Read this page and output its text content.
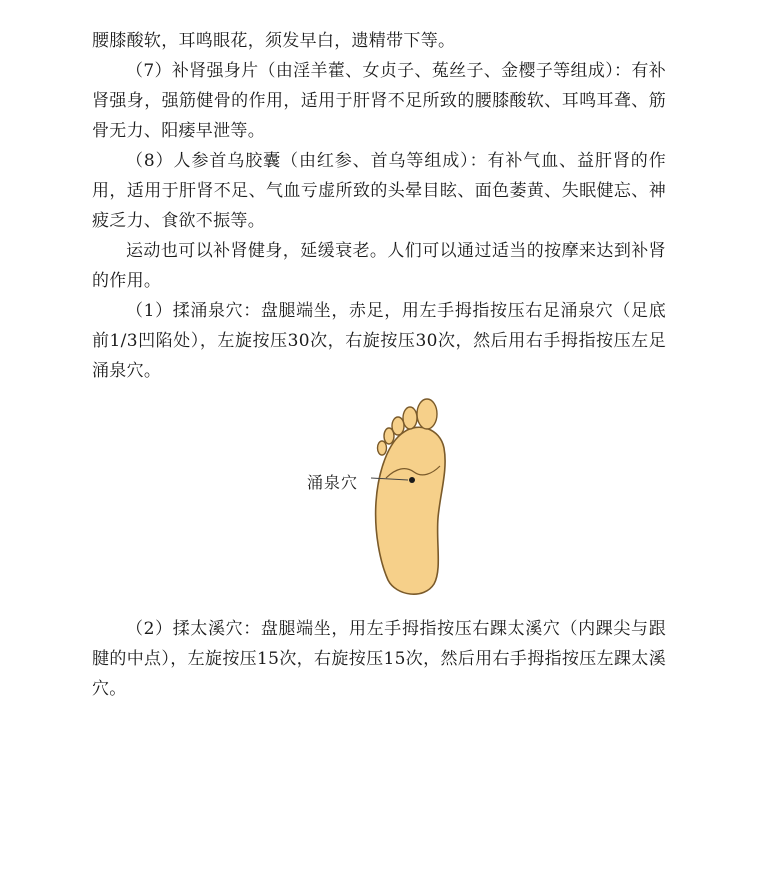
腰膝酸软，耳鸣眼花，须发早白，遗精带下等。

（7）补肾强身片（由淫羊藿、女贞子、菟丝子、金樱子等组成）：有补肾强身，强筋健骨的作用，适用于肝肾不足所致的腰膝酸软、耳鸣耳聋、筋骨无力、阳痿早泄等。

（8）人参首乌胶囊（由红参、首乌等组成）：有补气血、益肝肾的作用，适用于肝肾不足、气血亏虚所致的头晕目眩、面色萎黄、失眠健忘、神疲乏力、食欲不振等。

运动也可以补肾健身，延缓衰老。人们可以通过适当的按摩来达到补肾的作用。

（1）揉涌泉穴：盘腿端坐，赤足，用左手拇指按压右足涌泉穴（足底前1/3凹陷处），左旋按压30次，右旋按压30次，然后用右手拇指按压左足涌泉穴。

涌泉穴

（2）揉太溪穴：盘腿端坐，用左手拇指按压右踝太溪穴（内踝尖与跟腱的中点），左旋按压15次，右旋按压15次，然后用右手拇指按压左踝太溪穴。
